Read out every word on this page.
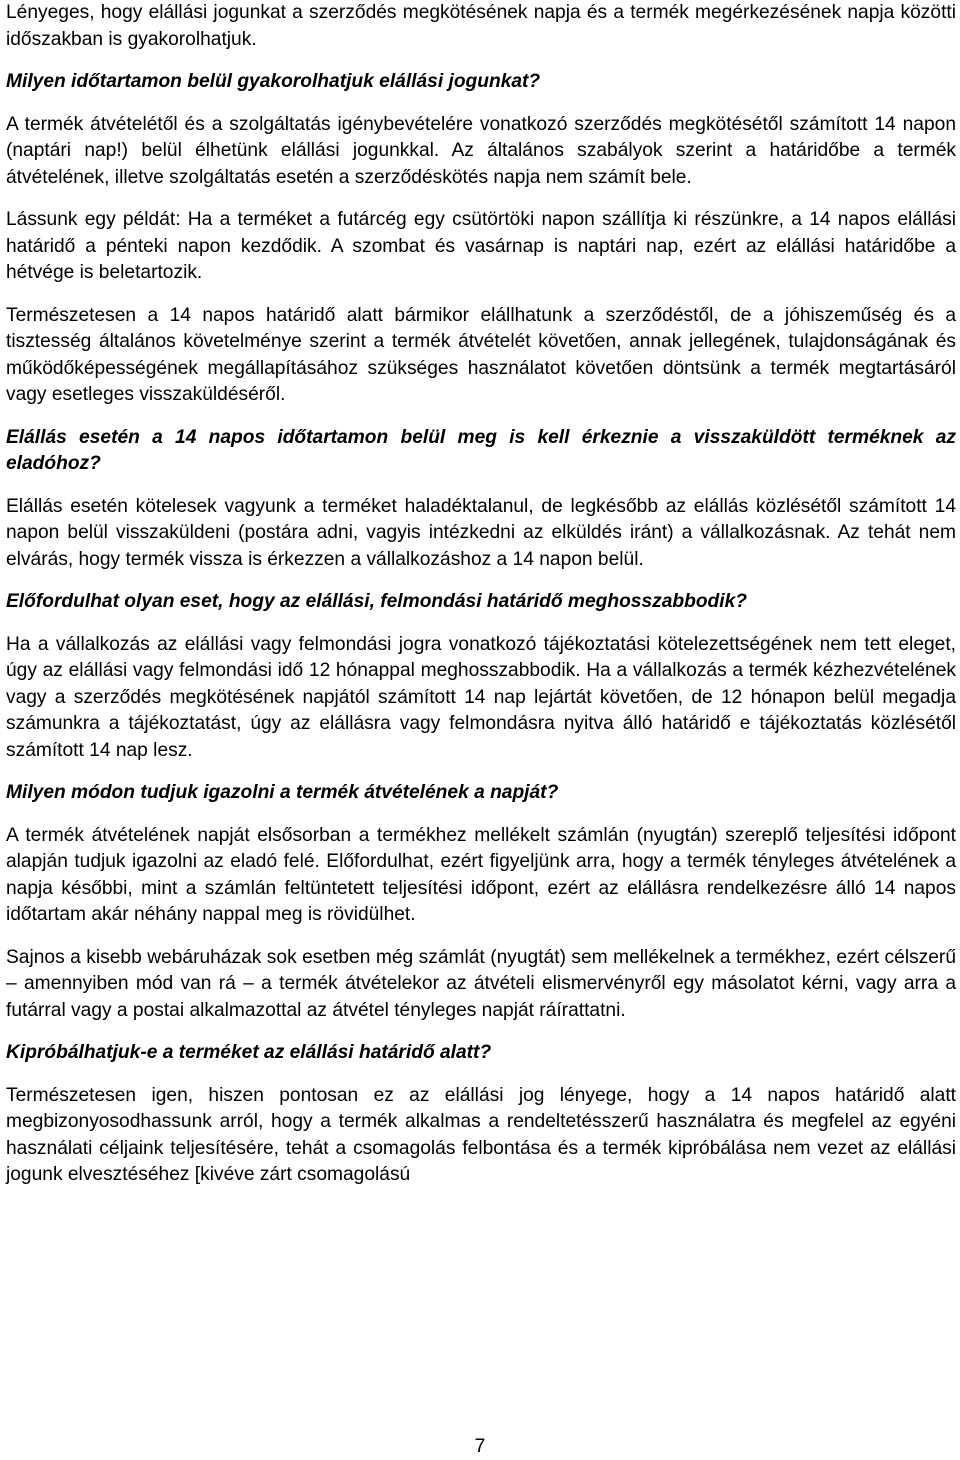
Lényeges, hogy elállási jogunkat a szerződés megkötésének napja és a termék megérkezésének napja közötti időszakban is gyakorolhatjuk.

Milyen időtartamon belül gyakorolhatjuk elállási jogunkat?

A termék átvételétől és a szolgáltatás igénybevételére vonatkozó szerződés megkötésétől számított 14 napon (naptári nap!) belül élhetünk elállási jogunkkal. Az általános szabályok szerint a határidőbe a termék átvételének, illetve szolgáltatás esetén a szerződéskötés napja nem számít bele.

Lássunk egy példát: Ha a terméket a futárcég egy csütörtöki napon szállítja ki részünkre, a 14 napos elállási határidő a pénteki napon kezdődik. A szombat és vasárnap is naptári nap, ezért az elállási határidőbe a hétvége is beletartozik.

Természetesen a 14 napos határidő alatt bármikor elállhatunk a szerződéstől, de a jóhiszeműség és a tisztesség általános követelménye szerint a termék átvételét követően, annak jellegének, tulajdonságának és működőképességének megállapításához szükséges használatot követően döntsünk a termék megtartásáról vagy esetleges visszaküldéséről.

Elállás esetén a 14 napos időtartamon belül meg is kell érkeznie a visszaküldött terméknek az eladóhoz?

Elállás esetén kötelesek vagyunk a terméket haladéktalanul, de legkésőbb az elállás közlésétől számított 14 napon belül visszaküldeni (postára adni, vagyis intézkedni az elküldés iránt) a vállalkozásnak. Az tehát nem elvárás, hogy termék vissza is érkezzen a vállalkozáshoz a 14 napon belül.

Előfordulhat olyan eset, hogy az elállási, felmondási határidő meghosszabbodik?

Ha a vállalkozás az elállási vagy felmondási jogra vonatkozó tájékoztatási kötelezettségének nem tett eleget, úgy az elállási vagy felmondási idő 12 hónappal meghosszabbodik. Ha a vállalkozás a termék kézhezvételének vagy a szerződés megkötésének napjától számított 14 nap lejártát követően, de 12 hónapon belül megadja számunkra a tájékoztatást, úgy az elállásra vagy felmondásra nyitva álló határidő e tájékoztatás közlésétől számított 14 nap lesz.

Milyen módon tudjuk igazolni a termék átvételének a napját?

A termék átvételének napját elsősorban a termékhez mellékelt számlán (nyugtán) szereplő teljesítési időpont alapján tudjuk igazolni az eladó felé. Előfordulhat, ezért figyeljünk arra, hogy a termék tényleges átvételének a napja későbbi, mint a számlán feltüntetett teljesítési időpont, ezért az elállásra rendelkezésre álló 14 napos időtartam akár néhány nappal meg is rövidülhet.

Sajnos a kisebb webáruházak sok esetben még számlát (nyugtát) sem mellékelnek a termékhez, ezért célszerű – amennyiben mód van rá – a termék átvételekor az átvételi elismervényről egy másolatot kérni, vagy arra a futárral vagy a postai alkalmazottal az átvétel tényleges napját ráírattatni.

Kipróbálhatjuk-e a terméket az elállási határidő alatt?

Természetesen igen, hiszen pontosan ez az elállási jog lényege, hogy a 14 napos határidő alatt megbizonyosodhassunk arról, hogy a termék alkalmas a rendeltetésszerű használatra és megfelel az egyéni használati céljaink teljesítésére, tehát a csomagolás felbontása és a termék kipróbálása nem vezet az elállási jogunk elvesztéséhez [kivéve zárt csomagolású

7
